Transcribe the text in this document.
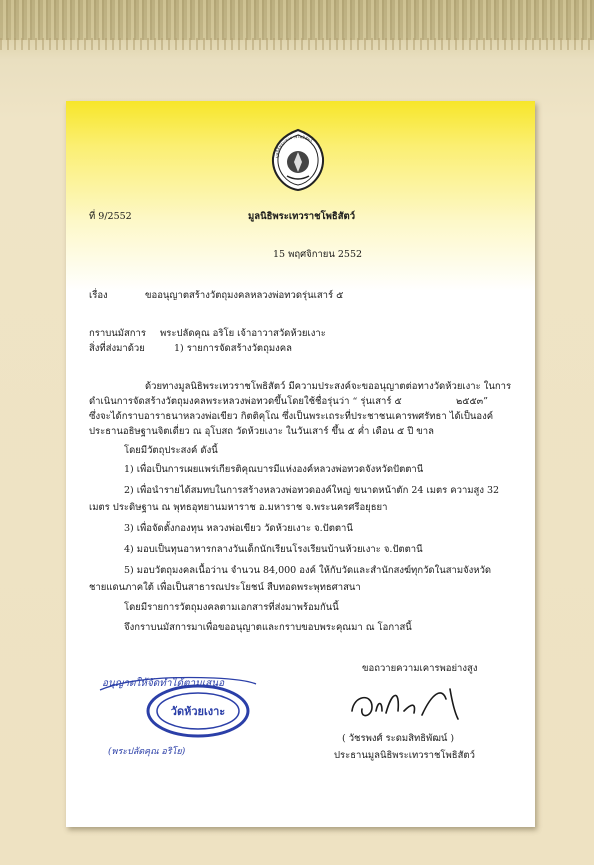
มูลนิธิพระเทวราชโพธิสัตว์
มูลนิธิพระเทวราชโพธิสัตว์
ที่ 9/2552
15 พฤศจิกายน 2552
เรื่อง	ขออนุญาตสร้างวัตถุมงคลหลวงพ่อทวดรุ่นเสาร์ ๕
กราบนมัสการ พระปลัดคุณ อริโย เจ้าอาวาสวัดห้วยเงาะ
สิ่งที่ส่งมาด้วย	1) รายการจัดสร้างวัตถุมงคล
ด้วยทางมูลนิธิพระเทวราชโพธิสัตว์ มีความประสงค์จะขออนุญาตต่อทางวัดห้วยเงาะ ในการ
ดำเนินการจัดสร้างวัตถุมงคลพระหลวงพ่อทวดขึ้นโดยใช้ชื่อรุ่นว่า “ รุ่นเสาร์ ๕	๒๕๕๓”
ซึ่งจะได้กราบอาราธนาหลวงพ่อเขียว กิตติคุโณ ซึ่งเป็นพระเถระที่ประชาชนเคารพศรัทธา ได้เป็นองค์
ประธานอธิษฐานจิตเดี่ยว ณ อุโบสถ วัดห้วยเงาะ ในวันเสาร์ ขึ้น ๕ ค่ำ เดือน ๕ ปี ขาล
โดยมีวัตถุประสงค์ ดังนี้
1) เพื่อเป็นการเผยแพร่เกียรติคุณบารมีแห่งองค์หลวงพ่อทวดจังหวัดปัตตานี
2) เพื่อนำรายได้สมทบในการสร้างหลวงพ่อทวดองค์ใหญ่ ขนาดหน้าตัก 24 เมตร ความสูง 32
เมตร ประดิษฐาน ณ พุทธอุทยานมหาราช อ.มหาราช จ.พระนครศรีอยุธยา
3) เพื่อจัดตั้งกองทุน หลวงพ่อเขียว วัดห้วยเงาะ จ.ปัตตานี
4) มอบเป็นทุนอาหารกลางวันเด็กนักเรียนโรงเรียนบ้านห้วยเงาะ จ.ปัตตานี
5) มอบวัตถุมงคลเนื้อว่าน จำนวน 84,000 องค์ ให้กับวัดและสำนักสงฆ์ทุกวัดในสามจังหวัด
ชายแดนภาคใต้ เพื่อเป็นสาธารณประโยชน์ สืบทอดพระพุทธศาสนา
โดยมีรายการวัตถุมงคลตามเอกสารที่ส่งมาพร้อมกันนี้
จึงกราบนมัสการมาเพื่อขออนุญาตและกราบขอบพระคุณมา ณ โอกาสนี้
อนุญาตให้จัดทำได้ตามเสนอ
วัดห้วยเงาะ
(พระปลัดคุณ อริโย)
ขอถวายความเคารพอย่างสูง
( วัชรพงศ์ ระดมสิทธิพัฒน์ )
ประธานมูลนิธิพระเทวราชโพธิสัตว์
